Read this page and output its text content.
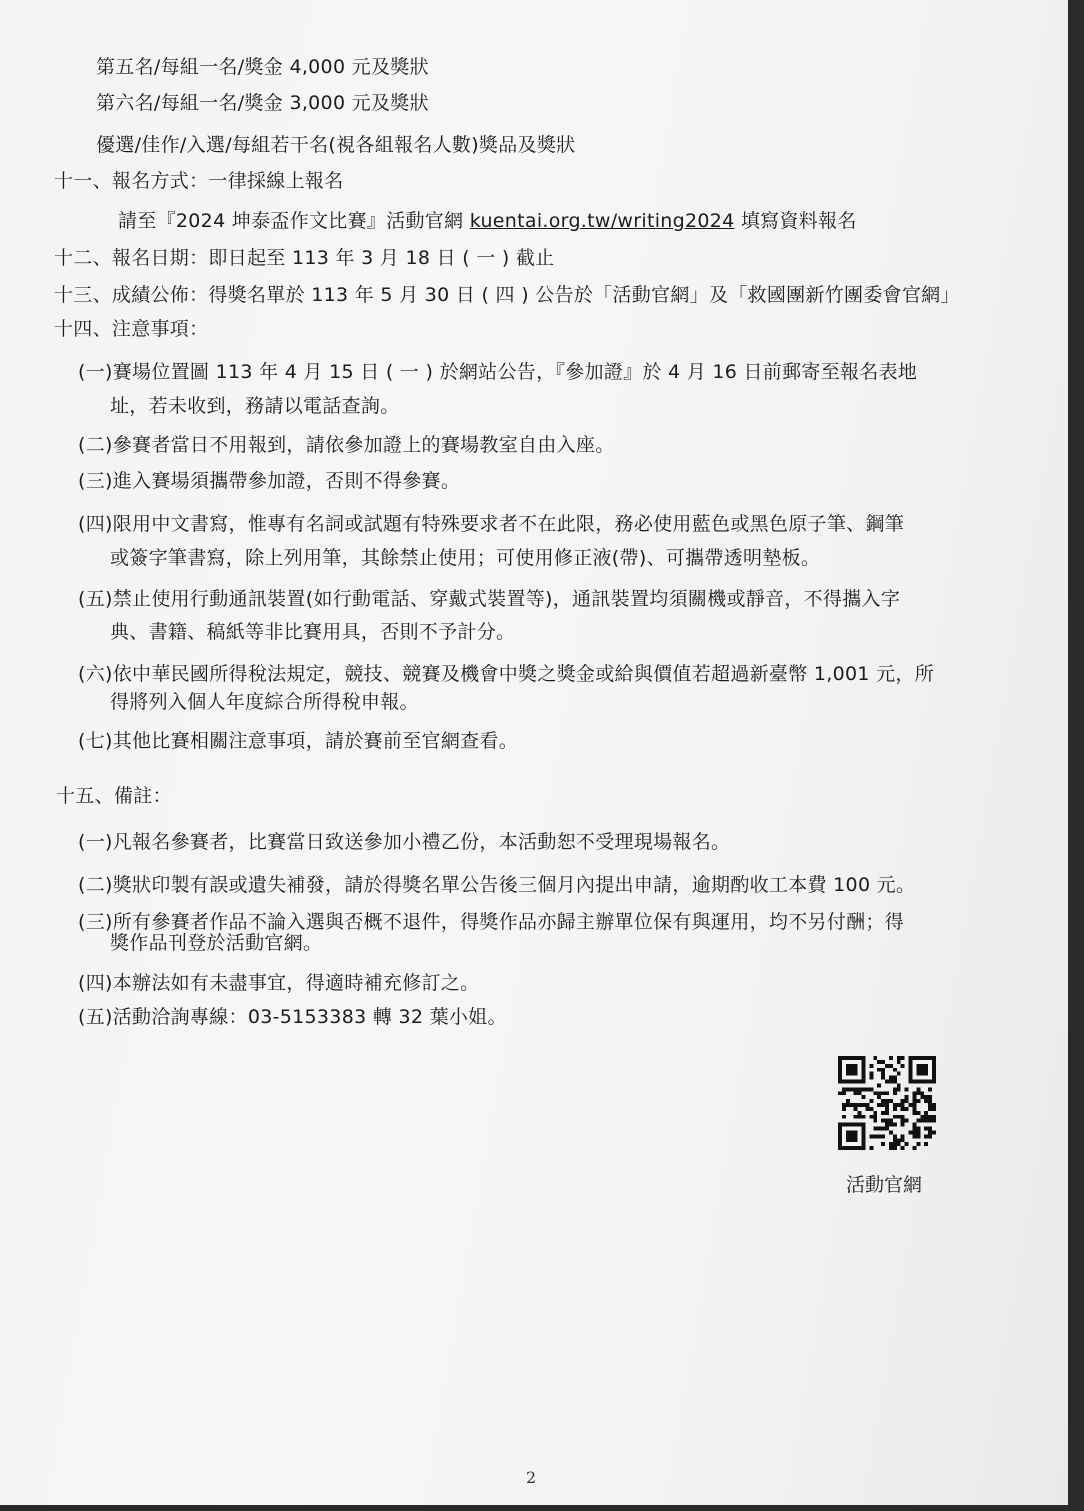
第五名/每組一名/獎金 4,000 元及獎狀
第六名/每組一名/獎金 3,000 元及獎狀
優選/佳作/入選/每組若干名(視各組報名人數)獎品及獎狀
十一、報名方式：一律採線上報名
請至『2024 坤泰盃作文比賽』活動官網 kuentai.org.tw/writing2024 填寫資料報名
十二、報名日期：即日起至 113 年 3 月 18 日 ( 一 ) 截止
十三、成績公佈：得獎名單於 113 年 5 月 30 日 ( 四 ) 公告於「活動官網」及「救國團新竹團委會官網」
十四、注意事項：
(一)賽場位置圖 113 年 4 月 15 日 ( 一 ) 於網站公告，『參加證』於 4 月 16 日前郵寄至報名表地
址，若未收到，務請以電話查詢。
(二)參賽者當日不用報到，請依參加證上的賽場教室自由入座。
(三)進入賽場須攜帶參加證，否則不得參賽。
(四)限用中文書寫，惟專有名詞或試題有特殊要求者不在此限，務必使用藍色或黑色原子筆、鋼筆
或簽字筆書寫，除上列用筆，其餘禁止使用；可使用修正液(帶)、可攜帶透明墊板。
(五)禁止使用行動通訊裝置(如行動電話、穿戴式裝置等)，通訊裝置均須關機或靜音，不得攜入字
典、書籍、稿紙等非比賽用具，否則不予計分。
(六)依中華民國所得稅法規定，競技、競賽及機會中獎之獎金或給與價值若超過新臺幣 1,001 元，所
得將列入個人年度綜合所得稅申報。
(七)其他比賽相關注意事項，請於賽前至官網查看。
十五、備註：
(一)凡報名參賽者，比賽當日致送參加小禮乙份，本活動恕不受理現場報名。
(二)獎狀印製有誤或遺失補發，請於得獎名單公告後三個月內提出申請，逾期酌收工本費 100 元。
(三)所有參賽者作品不論入選與否概不退件，得獎作品亦歸主辦單位保有與運用，均不另付酬；得
獎作品刊登於活動官網。
(四)本辦法如有未盡事宜，得適時補充修訂之。
(五)活動洽詢專線：03-5153383 轉 32 葉小姐。
活動官網
2
